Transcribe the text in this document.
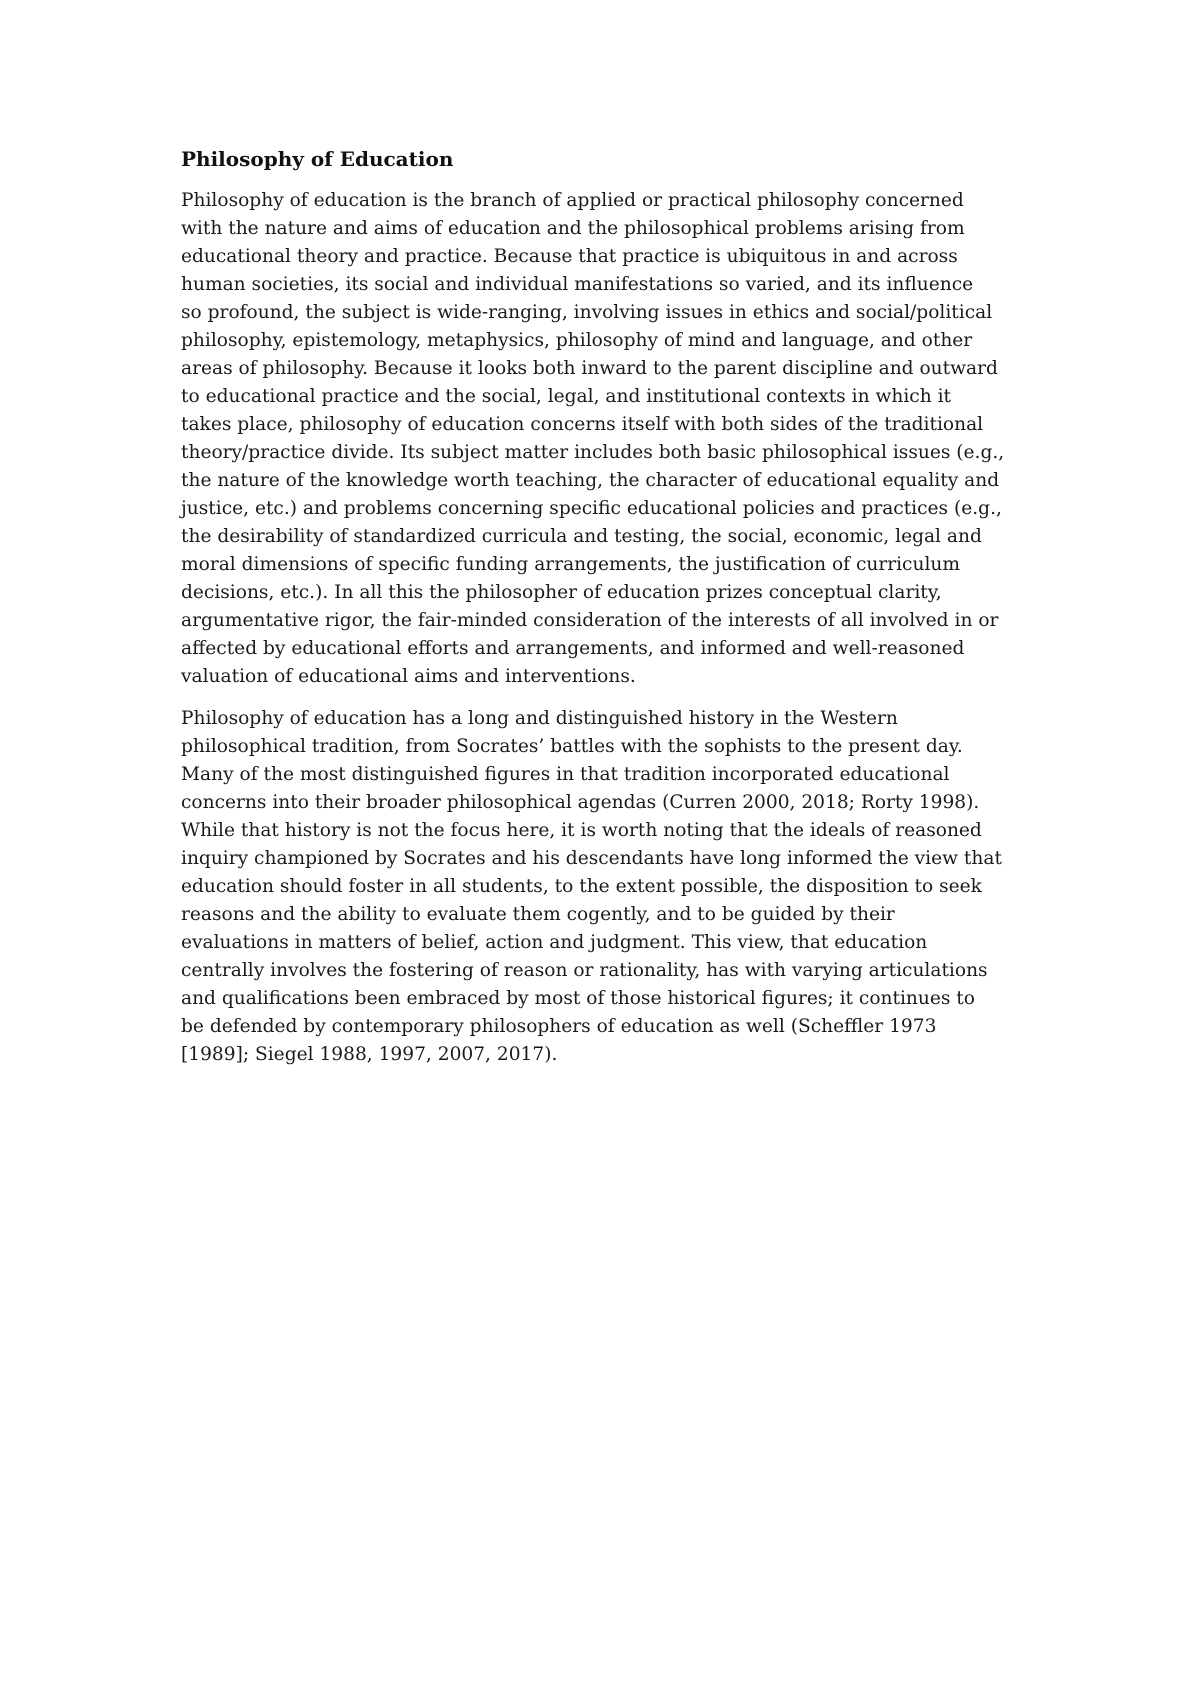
Philosophy of Education

Philosophy of education is the branch of applied or practical philosophy concerned
with the nature and aims of education and the philosophical problems arising from
educational theory and practice. Because that practice is ubiquitous in and across
human societies, its social and individual manifestations so varied, and its influence
so profound, the subject is wide-ranging, involving issues in ethics and social/political
philosophy, epistemology, metaphysics, philosophy of mind and language, and other
areas of philosophy. Because it looks both inward to the parent discipline and outward
to educational practice and the social, legal, and institutional contexts in which it
takes place, philosophy of education concerns itself with both sides of the traditional
theory/practice divide. Its subject matter includes both basic philosophical issues (e.g.,
the nature of the knowledge worth teaching, the character of educational equality and
justice, etc.) and problems concerning specific educational policies and practices (e.g.,
the desirability of standardized curricula and testing, the social, economic, legal and
moral dimensions of specific funding arrangements, the justification of curriculum
decisions, etc.). In all this the philosopher of education prizes conceptual clarity,
argumentative rigor, the fair-minded consideration of the interests of all involved in or
affected by educational efforts and arrangements, and informed and well-reasoned
valuation of educational aims and interventions.

Philosophy of education has a long and distinguished history in the Western
philosophical tradition, from Socrates’ battles with the sophists to the present day.
Many of the most distinguished figures in that tradition incorporated educational
concerns into their broader philosophical agendas (Curren 2000, 2018; Rorty 1998).
While that history is not the focus here, it is worth noting that the ideals of reasoned
inquiry championed by Socrates and his descendants have long informed the view that
education should foster in all students, to the extent possible, the disposition to seek
reasons and the ability to evaluate them cogently, and to be guided by their
evaluations in matters of belief, action and judgment. This view, that education
centrally involves the fostering of reason or rationality, has with varying articulations
and qualifications been embraced by most of those historical figures; it continues to
be defended by contemporary philosophers of education as well (Scheffler 1973
[1989]; Siegel 1988, 1997, 2007, 2017).
